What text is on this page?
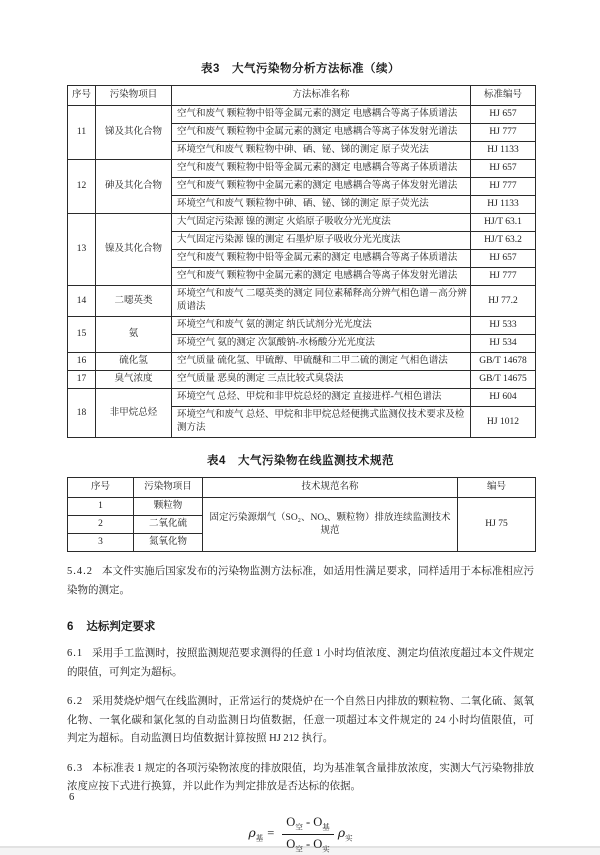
表3　大气污染物分析方法标准（续）
序号	污染物项目	方法标准名称	标准编号
11	锑及其化合物	空气和废气 颗粒物中铅等金属元素的测定 电感耦合等离子体质谱法	HJ 657
		空气和废气 颗粒物中金属元素的测定 电感耦合等离子体发射光谱法	HJ 777
		环境空气和废气 颗粒物中砷、硒、铋、锑的测定 原子荧光法	HJ 1133
12	砷及其化合物	空气和废气 颗粒物中铅等金属元素的测定 电感耦合等离子体质谱法	HJ 657
		空气和废气 颗粒物中金属元素的测定 电感耦合等离子体发射光谱法	HJ 777
		环境空气和废气 颗粒物中砷、硒、铋、锑的测定 原子荧光法	HJ 1133
13	镍及其化合物	大气固定污染源 镍的测定 火焰原子吸收分光光度法	HJ/T 63.1
		大气固定污染源 镍的测定 石墨炉原子吸收分光光度法	HJ/T 63.2
		空气和废气 颗粒物中铅等金属元素的测定 电感耦合等离子体质谱法	HJ 657
		空气和废气 颗粒物中金属元素的测定 电感耦合等离子体发射光谱法	HJ 777
14	二噁英类	环境空气和废气 二噁英类的测定 同位素稀释高分辨气相色谱－高分辨质谱法	HJ 77.2
15	氨	环境空气和废气 氨的测定 纳氏试剂分光光度法	HJ 533
		环境空气 氨的测定 次氯酸钠-水杨酸分光光度法	HJ 534
16	硫化氢	空气质量 硫化氢、甲硫醇、甲硫醚和二甲二硫的测定 气相色谱法	GB/T 14678
17	臭气浓度	空气质量 恶臭的测定 三点比较式臭袋法	GB/T 14675
18	非甲烷总烃	环境空气 总烃、甲烷和非甲烷总烃的测定 直接进样-气相色谱法	HJ 604
		环境空气和废气 总烃、甲烷和非甲烷总烃便携式监测仪技术要求及检测方法	HJ 1012
表4　大气污染物在线监测技术规范
序号	污染物项目	技术规范名称	编号
1	颗粒物	固定污染源烟气（SO₂、NOₓ、颗粒物）排放连续监测技术规范	HJ 75
2	二氧化硫		
3	氮氧化物		

5.4.2 本文件实施后国家发布的污染物监测方法标准，如适用性满足要求，同样适用于本标准相应污染物的测定。

6 达标判定要求

6.1 采用手工监测时，按照监测规范要求测得的任意 1 小时均值浓度、测定均值浓度超过本文件规定的限值，可判定为超标。

6.2 采用焚烧炉烟气在线监测时，正常运行的焚烧炉在一个自然日内排放的颗粒物、二氧化硫、氮氧化物、一氧化碳和氯化氢的自动监测日均值数据，任意一项超过本文件规定的 24 小时均值限值，可判定为超标。自动监测日均值数据计算按照 HJ 212 执行。

6.3 本标准表 1 规定的各项污染物浓度的排放限值，均为基准氧含量排放浓度，实测大气污染物排放浓度应按下式进行换算，并以此作为判定排放是否达标的依据。

$\rho_基 = \frac{O_空 - O_基}{O_空 - O_实} \rho_实$
6
